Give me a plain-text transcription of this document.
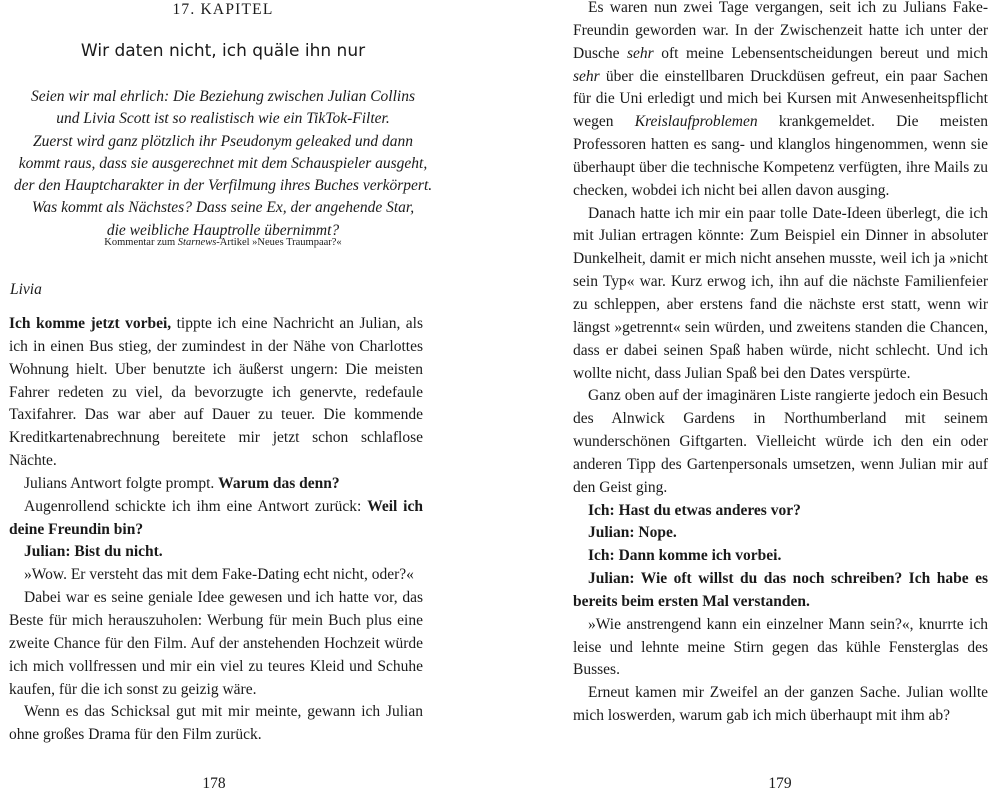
17. KAPITEL
Wir daten nicht, ich quäle ihn nur
Seien wir mal ehrlich: Die Beziehung zwischen Julian Collins
und Livia Scott ist so realistisch wie ein TikTok-Filter.
Zuerst wird ganz plötzlich ihr Pseudonym geleaked und dann
kommt raus, dass sie ausgerechnet mit dem Schauspieler ausgeht,
der den Hauptcharakter in der Verfilmung ihres Buches verkörpert.
Was kommt als Nächstes? Dass seine Ex, der angehende Star,
die weibliche Hauptrolle übernimmt?
Kommentar zum Starnews-Artikel »Neues Traumpaar?«
Livia

Ich komme jetzt vorbei, tippte ich eine Nachricht an Julian, als ich in einen Bus stieg, der zumindest in der Nähe von Charlottes Wohnung hielt. Uber benutzte ich äußerst ungern: Die meisten Fahrer redeten zu viel, da bevorzugte ich genervte, redefaule Taxifahrer. Das war aber auf Dauer zu teuer. Die kommende Kreditkartenabrechnung bereitete mir jetzt schon schlaflose Nächte.

Julians Antwort folgte prompt. Warum das denn?

Augenrollend schickte ich ihm eine Antwort zurück: Weil ich deine Freundin bin?

Julian: Bist du nicht.

»Wow. Er versteht das mit dem Fake-Dating echt nicht, oder?«

Dabei war es seine geniale Idee gewesen und ich hatte vor, das Beste für mich herauszuholen: Werbung für mein Buch plus eine zweite Chance für den Film. Auf der anstehenden Hochzeit würde ich mich vollfressen und mir ein viel zu teures Kleid und Schuhe kaufen, für die ich sonst zu geizig wäre.

Wenn es das Schicksal gut mit mir meinte, gewann ich Julian ohne großes Drama für den Film zurück.

178

Es waren nun zwei Tage vergangen, seit ich zu Julians Fake-Freundin geworden war. In der Zwischenzeit hatte ich unter der Dusche sehr oft meine Lebensentscheidungen bereut und mich sehr über die einstellbaren Druckdüsen gefreut, ein paar Sachen für die Uni erledigt und mich bei Kursen mit Anwesenheitspflicht wegen Kreislaufproblemen krankgemeldet. Die meisten Professoren hatten es sang- und klanglos hingenommen, wenn sie überhaupt über die technische Kompetenz verfügten, ihre Mails zu checken, wobdei ich nicht bei allen davon ausging.

Danach hatte ich mir ein paar tolle Date-Ideen überlegt, die ich mit Julian ertragen könnte: Zum Beispiel ein Dinner in absoluter Dunkelheit, damit er mich nicht ansehen musste, weil ich ja »nicht sein Typ« war. Kurz erwog ich, ihn auf die nächste Familienfeier zu schleppen, aber erstens fand die nächste erst statt, wenn wir längst »getrennt« sein würden, und zweitens standen die Chancen, dass er dabei seinen Spaß haben würde, nicht schlecht. Und ich wollte nicht, dass Julian Spaß bei den Dates verspürte.

Ganz oben auf der imaginären Liste rangierte jedoch ein Besuch des Alnwick Gardens in Northumberland mit seinem wunderschönen Giftgarten. Vielleicht würde ich den ein oder anderen Tipp des Gartenpersonals umsetzen, wenn Julian mir auf den Geist ging.

Ich: Hast du etwas anderes vor?

Julian: Nope.

Ich: Dann komme ich vorbei.

Julian: Wie oft willst du das noch schreiben? Ich habe es bereits beim ersten Mal verstanden.

»Wie anstrengend kann ein einzelner Mann sein?«, knurrte ich leise und lehnte meine Stirn gegen das kühle Fensterglas des Busses.

Erneut kamen mir Zweifel an der ganzen Sache. Julian wollte mich loswerden, warum gab ich mich überhaupt mit ihm ab?

179
